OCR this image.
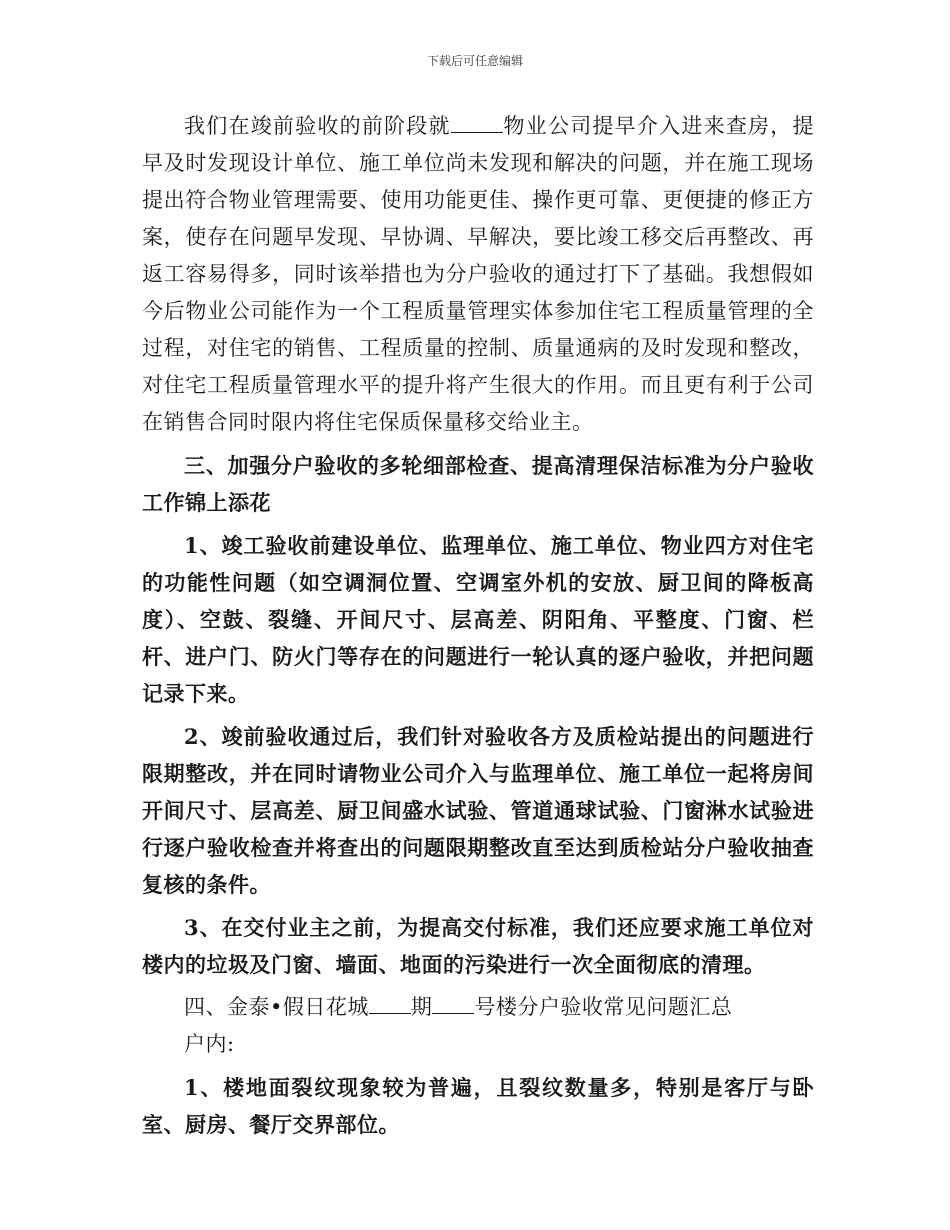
下载后可任意编辑

我们在竣前验收的前阶段就 物业公司提早介入进来查房，提早及时发现设计单位、施工单位尚未发现和解决的问题，并在施工现场提出符合物业管理需要、使用功能更佳、操作更可靠、更便捷的修正方案，使存在问题早发现、早协调、早解决，要比竣工移交后再整改、再返工容易得多，同时该举措也为分户验收的通过打下了基础。我想假如今后物业公司能作为一个工程质量管理实体参加住宅工程质量管理的全过程，对住宅的销售、工程质量的控制、质量通病的及时发现和整改，对住宅工程质量管理水平的提升将产生很大的作用。而且更有利于公司在销售合同时限内将住宅保质保量移交给业主。

三、加强分户验收的多轮细部检查、提高清理保洁标准为分户验收工作锦上添花

1、竣工验收前建设单位、监理单位、施工单位、物业四方对住宅的功能性问题（如空调洞位置、空调室外机的安放、厨卫间的降板高度）、空鼓、裂缝、开间尺寸、层高差、阴阳角、平整度、门窗、栏杆、进户门、防火门等存在的问题进行一轮认真的逐户验收，并把问题记录下来。

2、竣前验收通过后，我们针对验收各方及质检站提出的问题进行限期整改，并在同时请物业公司介入与监理单位、施工单位一起将房间开间尺寸、层高差、厨卫间盛水试验、管道通球试验、门窗淋水试验进行逐户验收检查并将查出的问题限期整改直至达到质检站分户验收抽查复核的条件。

3、在交付业主之前，为提高交付标准，我们还应要求施工单位对楼内的垃圾及门窗、墙面、地面的污染进行一次全面彻底的清理。

四、金泰•假日花城 期 号楼分户验收常见问题汇总

户内:

1、楼地面裂纹现象较为普遍，且裂纹数量多，特别是客厅与卧室、厨房、餐厅交界部位。
